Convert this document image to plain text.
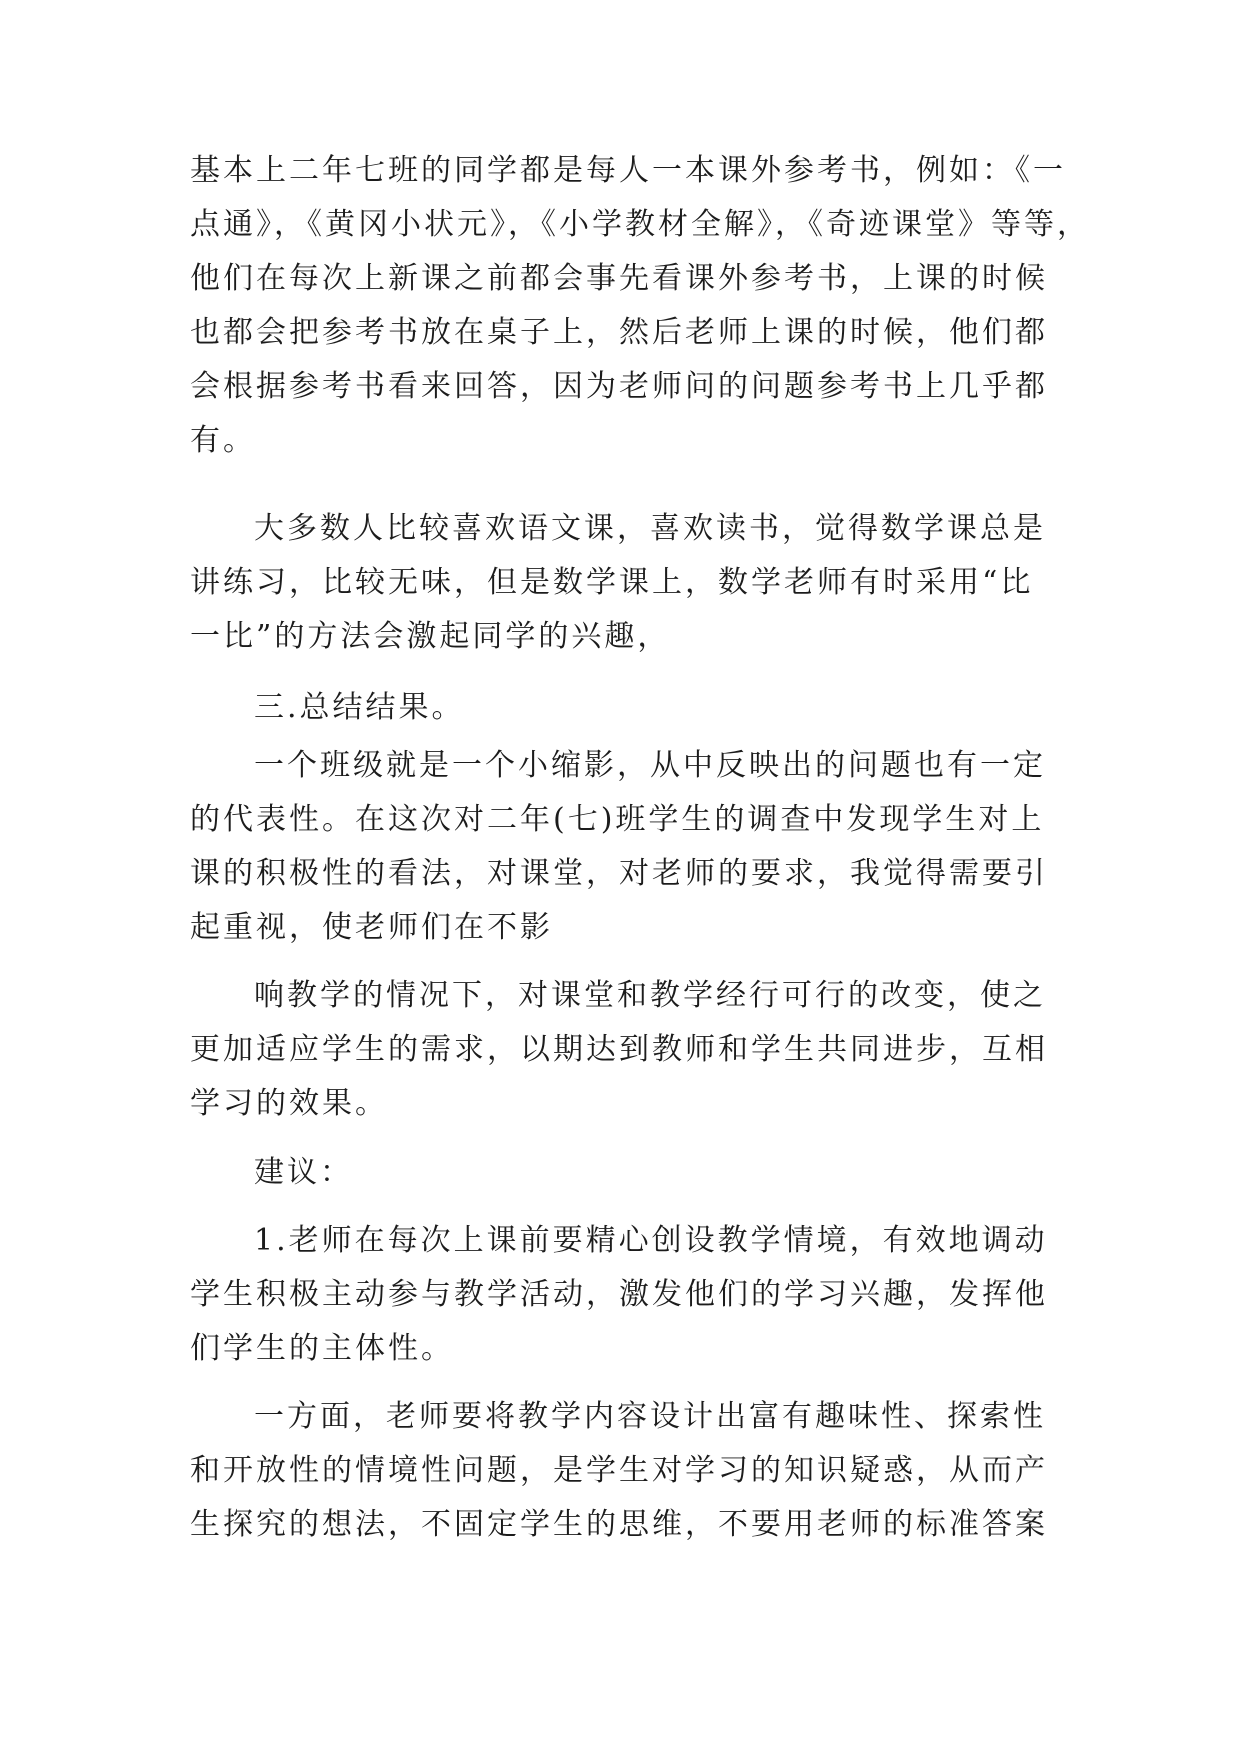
基本上二年七班的同学都是每人一本课外参考书，例如：《一

点通》，《黄冈小状元》，《小学教材全解》，《奇迹课堂》等等，

他们在每次上新课之前都会事先看课外参考书，上课的时候

也都会把参考书放在桌子上，然后老师上课的时候，他们都

会根据参考书看来回答，因为老师问的问题参考书上几乎都

有。

大多数人比较喜欢语文课，喜欢读书，觉得数学课总是

讲练习，比较无味，但是数学课上，数学老师有时采用“比

一比”的方法会激起同学的兴趣，

三.总结结果。

一个班级就是一个小缩影，从中反映出的问题也有一定

的代表性。在这次对二年(七)班学生的调查中发现学生对上

课的积极性的看法，对课堂，对老师的要求，我觉得需要引

起重视，使老师们在不影

响教学的情况下，对课堂和教学经行可行的改变，使之

更加适应学生的需求，以期达到教师和学生共同进步，互相

学习的效果。

建议：

1.老师在每次上课前要精心创设教学情境，有效地调动

学生积极主动参与教学活动，激发他们的学习兴趣，发挥他

们学生的主体性。

一方面，老师要将教学内容设计出富有趣味性、探索性

和开放性的情境性问题，是学生对学习的知识疑惑，从而产

生探究的想法，不固定学生的思维，不要用老师的标准答案
